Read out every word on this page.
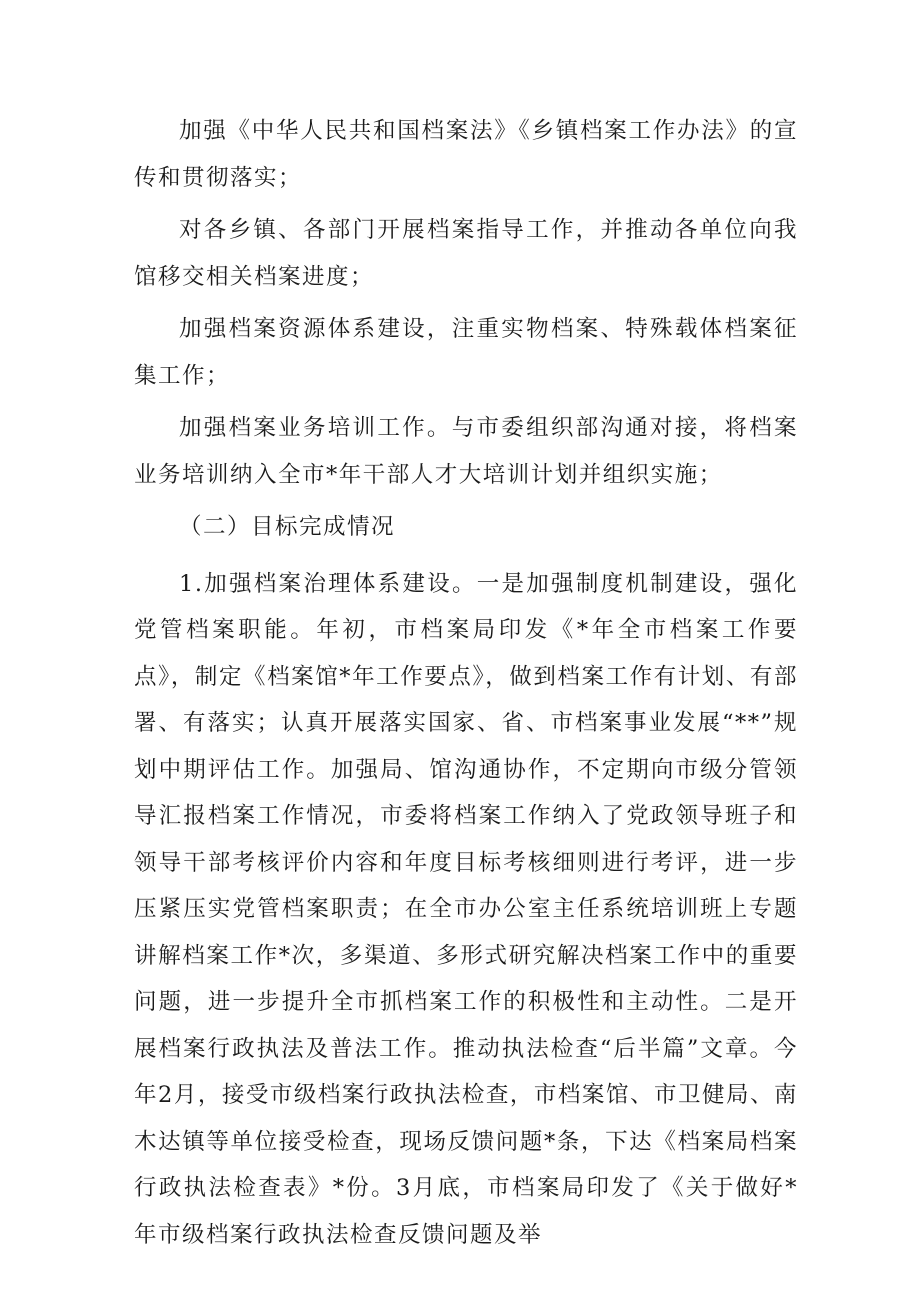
加强《中华人民共和国档案法》《乡镇档案工作办法》的宣传和贯彻落实；

对各乡镇、各部门开展档案指导工作，并推动各单位向我馆移交相关档案进度；

加强档案资源体系建设，注重实物档案、特殊载体档案征集工作；

加强档案业务培训工作。与市委组织部沟通对接，将档案业务培训纳入全市*年干部人才大培训计划并组织实施；

（二）目标完成情况

1.加强档案治理体系建设。一是加强制度机制建设，强化党管档案职能。年初，市档案局印发《*年全市档案工作要点》，制定《档案馆*年工作要点》，做到档案工作有计划、有部署、有落实；认真开展落实国家、省、市档案事业发展“**”规划中期评估工作。加强局、馆沟通协作，不定期向市级分管领导汇报档案工作情况，市委将档案工作纳入了党政领导班子和领导干部考核评价内容和年度目标考核细则进行考评，进一步压紧压实党管档案职责；在全市办公室主任系统培训班上专题讲解档案工作*次，多渠道、多形式研究解决档案工作中的重要问题，进一步提升全市抓档案工作的积极性和主动性。二是开展档案行政执法及普法工作。推动执法检查“后半篇”文章。今年2月，接受市级档案行政执法检查，市档案馆、市卫健局、南木达镇等单位接受检查，现场反馈问题*条，下达《档案局档案行政执法检查表》*份。3月底，市档案局印发了《关于做好*年市级档案行政执法检查反馈问题及举
